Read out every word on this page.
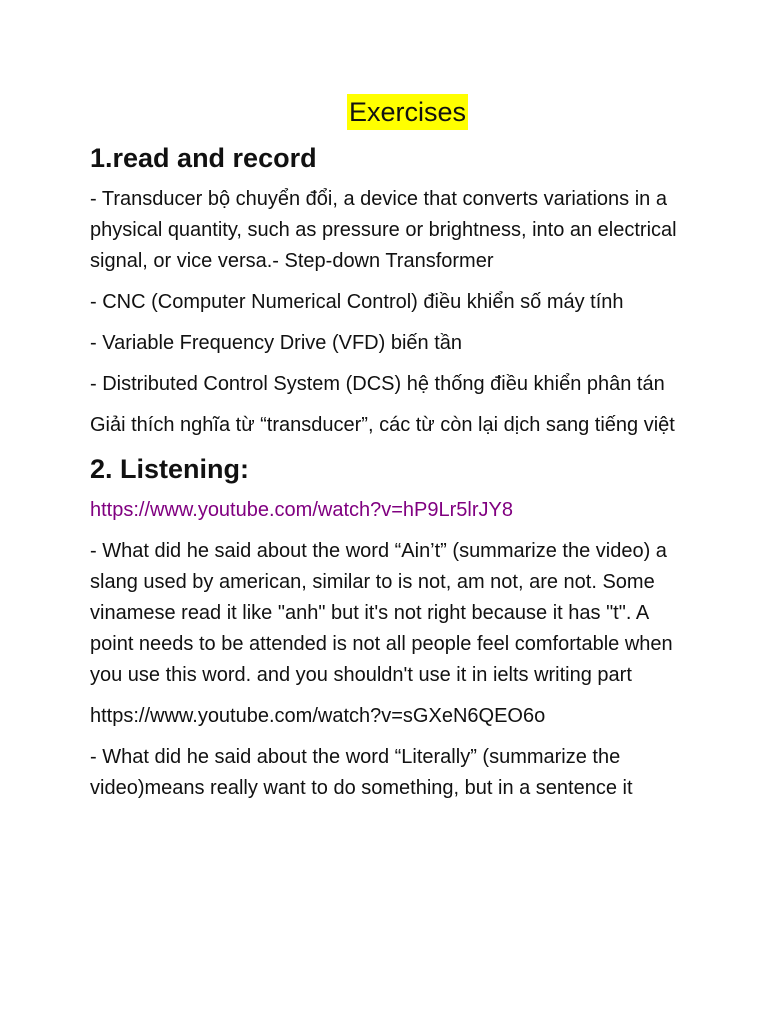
Exercises
1.read and record

- Transducer bộ chuyển đổi, a device that converts variations in a physical quantity, such as pressure or brightness, into an electrical signal, or vice versa.- Step-down Transformer

- CNC (Computer Numerical Control) điều khiển số máy tính

- Variable Frequency Drive (VFD) biến tần

- Distributed Control System (DCS) hệ thống điều khiển phân tán

Giải thích nghĩa từ “transducer”, các từ còn lại dịch sang tiếng việt

2. Listening:

https://www.youtube.com/watch?v=hP9Lr5lrJY8

- What did he said about the word “Ain’t” (summarize the video) a slang used by american, similar to is not, am not, are not. Some vinamese read it like "anh" but it's not right because it has "t". A point needs to be attended is not all people feel comfortable when you use this word. and you shouldn't use it in ielts writing part

https://www.youtube.com/watch?v=sGXeN6QEO6o

- What did he said about the word “Literally” (summarize the video)means really want to do something, but in a sentence it
